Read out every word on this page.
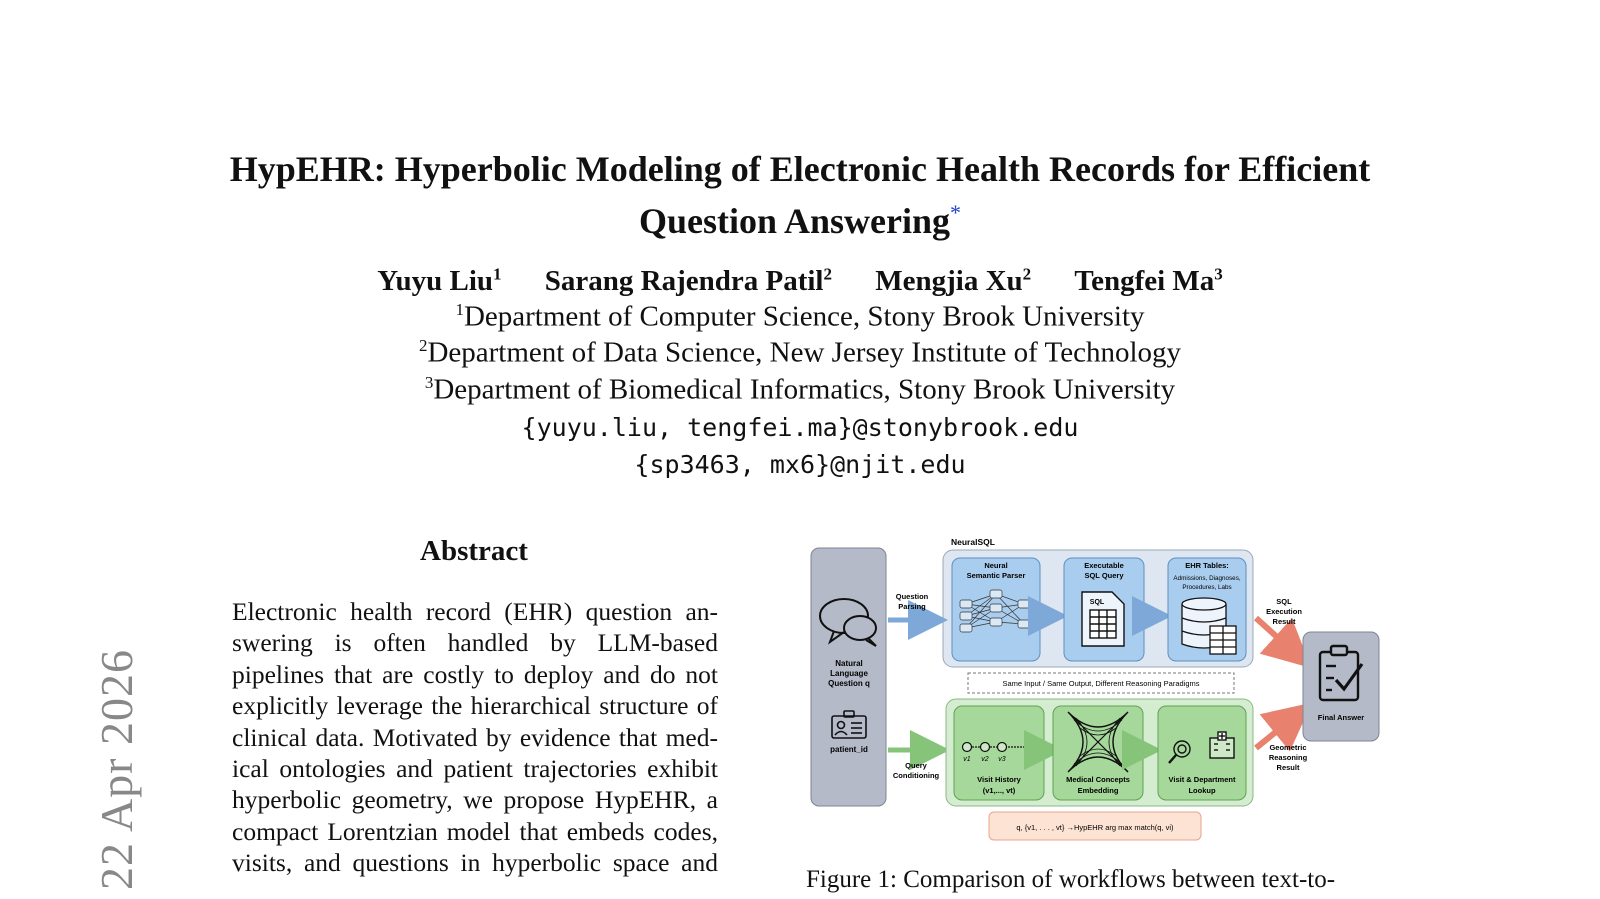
22 Apr 2026
HypEHR: Hyperbolic Modeling of Electronic Health Records for Efficient
Question Answering*
Yuyu Liu$^1$ Sarang Rajendra Patil$^2$ Mengjia Xu$^2$ Tengfei Ma$^3$
$^1$Department of Computer Science, Stony Brook University
$^2$Department of Data Science, New Jersey Institute of Technology
$^3$Department of Biomedical Informatics, Stony Brook University
{yuyu.liu, tengfei.ma}@stonybrook.edu
{sp3463, mx6}@njit.edu
Abstract
Electronic health record (EHR) question an-
swering is often handled by LLM-based
pipelines that are costly to deploy and do not
explicitly leverage the hierarchical structure of
clinical data. Motivated by evidence that med-
ical ontologies and patient trajectories exhibit
hyperbolic geometry, we propose HypEHR, a
compact Lorentzian model that embeds codes,
visits, and questions in hyperbolic space and
Natural Language Question q
patient_id
NeuralSQL
Neural Semantic Parser
Executable SQL Query
SQL
EHR Tables:
Admissions, Diagnoses, Procedures, Labs
Question Parsing
Query Conditioning
Same Input / Same Output, Different Reasoning Paradigms
v1 v2 v3	vt
Visit History
(v1,..., vt)
Medical Concepts Embedding
Visit & Department Lookup
SQL Execution Result
Geometric Reasoning Result
Final Answer
q, {v1, . . . , vt} →HypEHR arg max match(q, vi)
Figure 1: Comparison of workflows between text-to-
